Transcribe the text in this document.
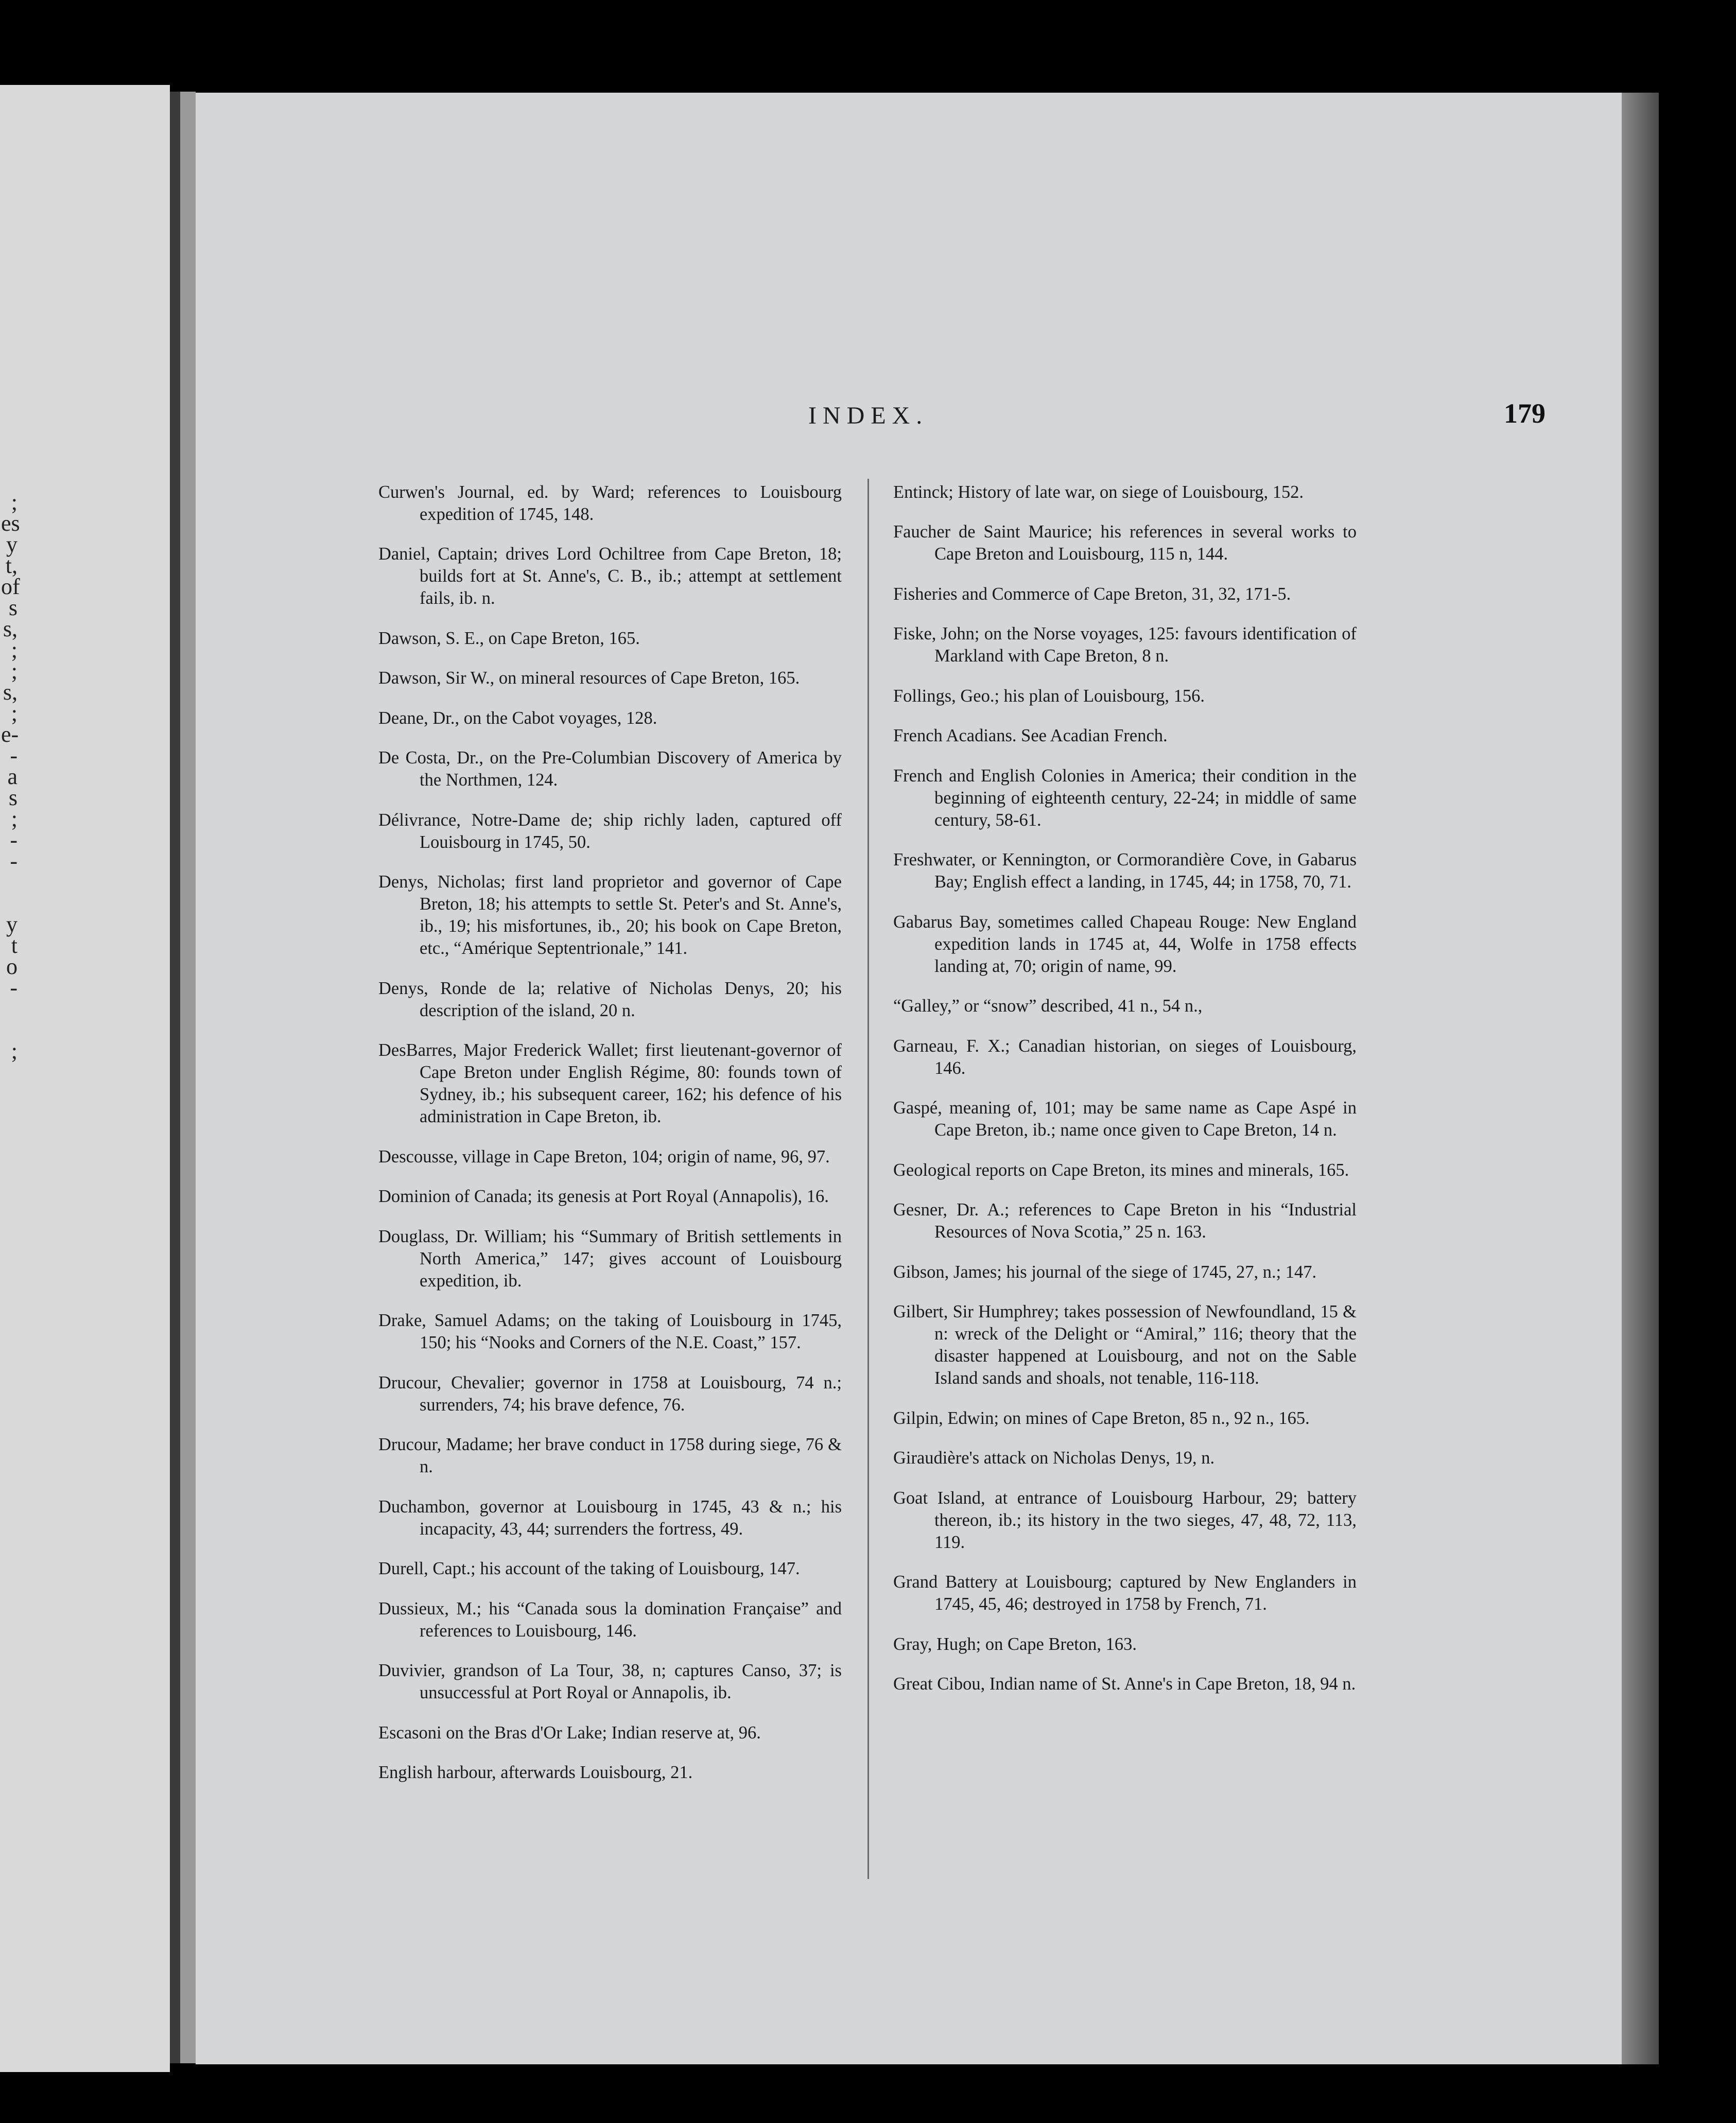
;
es
y
t,
of
s
s,
;
;
s,
;
e-
-
a
s
;
-
-

y
t
o
-

;
INDEX.	179

Curwen's Journal, ed. by Ward; references to Louisbourg expedition of 1745, 148.

Daniel, Captain; drives Lord Ochiltree from Cape Breton, 18; builds fort at St. Anne's, C. B., ib.; attempt at settlement fails, ib. n.

Dawson, S. E., on Cape Breton, 165.

Dawson, Sir W., on mineral resources of Cape Breton, 165.

Deane, Dr., on the Cabot voyages, 128.

De Costa, Dr., on the Pre-Columbian Discovery of America by the Northmen, 124.

Délivrance, Notre-Dame de; ship richly laden, captured off Louisbourg in 1745, 50.

Denys, Nicholas; first land proprietor and governor of Cape Breton, 18; his attempts to settle St. Peter's and St. Anne's, ib., 19; his misfortunes, ib., 20; his book on Cape Breton, etc., “Amérique Septentrionale,” 141.

Denys, Ronde de la; relative of Nicholas Denys, 20; his description of the island, 20 n.

DesBarres, Major Frederick Wallet; first lieutenant-governor of Cape Breton under English Régime, 80: founds town of Sydney, ib.; his subsequent career, 162; his defence of his administration in Cape Breton, ib.

Descousse, village in Cape Breton, 104; origin of name, 96, 97.

Dominion of Canada; its genesis at Port Royal (Annapolis), 16.

Douglass, Dr. William; his “Summary of British settlements in North America,” 147; gives account of Louisbourg expedition, ib.

Drake, Samuel Adams; on the taking of Louisbourg in 1745, 150; his “Nooks and Corners of the N.E. Coast,” 157.

Drucour, Chevalier; governor in 1758 at Louisbourg, 74 n.; surrenders, 74; his brave defence, 76.

Drucour, Madame; her brave conduct in 1758 during siege, 76 & n.

Duchambon, governor at Louisbourg in 1745, 43 & n.; his incapacity, 43, 44; surrenders the fortress, 49.

Durell, Capt.; his account of the taking of Louisbourg, 147.

Dussieux, M.; his “Canada sous la domination Française” and references to Louisbourg, 146.

Duvivier, grandson of La Tour, 38, n; captures Canso, 37; is unsuccessful at Port Royal or Annapolis, ib.

Escasoni on the Bras d'Or Lake; Indian reserve at, 96.

English harbour, afterwards Louisbourg, 21.

Entinck; History of late war, on siege of Louisbourg, 152.

Faucher de Saint Maurice; his references in several works to Cape Breton and Louisbourg, 115 n, 144.

Fisheries and Commerce of Cape Breton, 31, 32, 171-5.

Fiske, John; on the Norse voyages, 125: favours identification of Markland with Cape Breton, 8 n.

Follings, Geo.; his plan of Louisbourg, 156.

French Acadians. See Acadian French.

French and English Colonies in America; their condition in the beginning of eighteenth century, 22-24; in middle of same century, 58-61.

Freshwater, or Kennington, or Cormorandière Cove, in Gabarus Bay; English effect a landing, in 1745, 44; in 1758, 70, 71.

Gabarus Bay, sometimes called Chapeau Rouge: New England expedition lands in 1745 at, 44, Wolfe in 1758 effects landing at, 70; origin of name, 99.

“Galley,” or “snow” described, 41 n., 54 n.,

Garneau, F. X.; Canadian historian, on sieges of Louisbourg, 146.

Gaspé, meaning of, 101; may be same name as Cape Aspé in Cape Breton, ib.; name once given to Cape Breton, 14 n.

Geological reports on Cape Breton, its mines and minerals, 165.

Gesner, Dr. A.; references to Cape Breton in his “Industrial Resources of Nova Scotia,” 25 n. 163.

Gibson, James; his journal of the siege of 1745, 27, n.; 147.

Gilbert, Sir Humphrey; takes possession of Newfoundland, 15 & n: wreck of the Delight or “Amiral,” 116; theory that the disaster happened at Louisbourg, and not on the Sable Island sands and shoals, not tenable, 116-118.

Gilpin, Edwin; on mines of Cape Breton, 85 n., 92 n., 165.

Giraudière's attack on Nicholas Denys, 19, n.

Goat Island, at entrance of Louisbourg Harbour, 29; battery thereon, ib.; its history in the two sieges, 47, 48, 72, 113, 119.

Grand Battery at Louisbourg; captured by New Englanders in 1745, 45, 46; destroyed in 1758 by French, 71.

Gray, Hugh; on Cape Breton, 163.

Great Cibou, Indian name of St. Anne's in Cape Breton, 18, 94 n.
